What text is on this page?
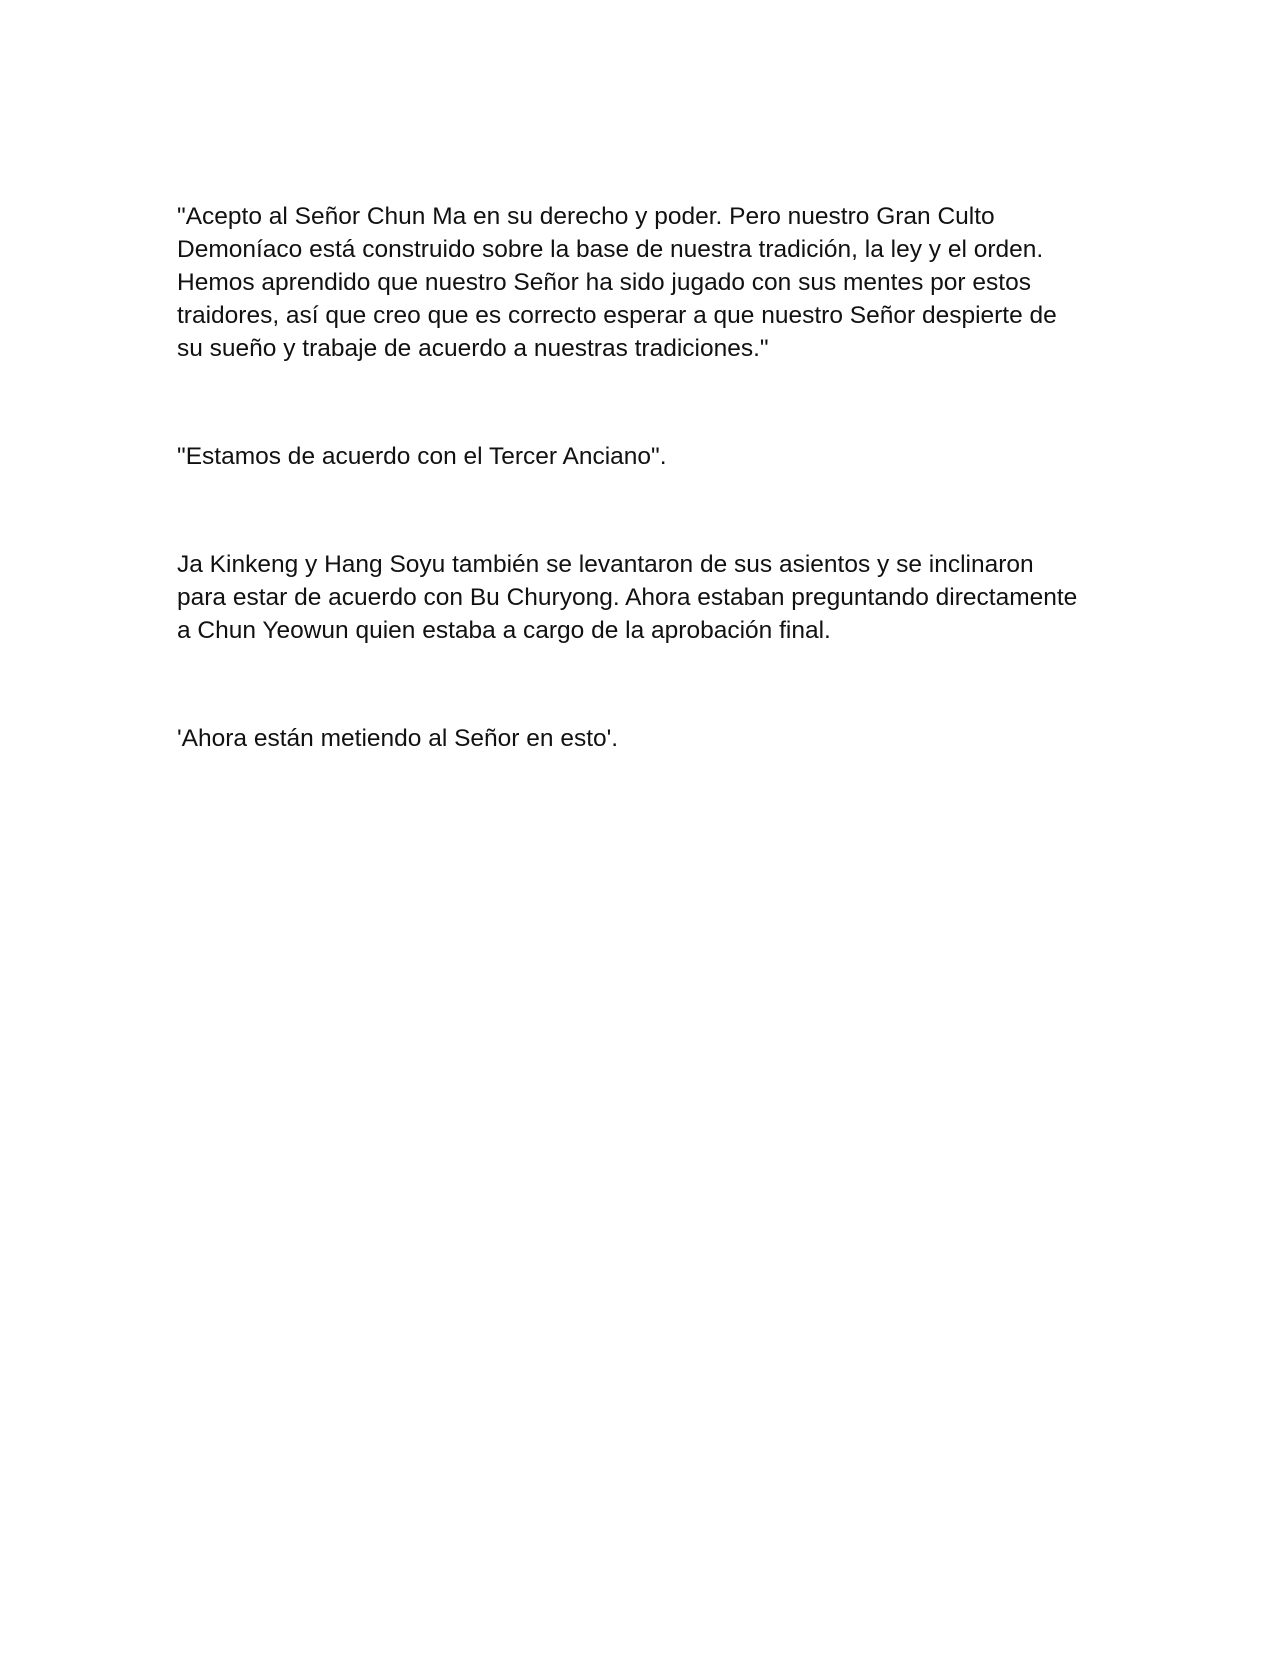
"Acepto al Señor Chun Ma en su derecho y poder. Pero nuestro Gran Culto
Demoníaco está construido sobre la base de nuestra tradición, la ley y el orden.
Hemos aprendido que nuestro Señor ha sido jugado con sus mentes por estos
traidores, así que creo que es correcto esperar a que nuestro Señor despierte de
su sueño y trabaje de acuerdo a nuestras tradiciones."

"Estamos de acuerdo con el Tercer Anciano".

Ja Kinkeng y Hang Soyu también se levantaron de sus asientos y se inclinaron
para estar de acuerdo con Bu Churyong. Ahora estaban preguntando directamente
a Chun Yeowun quien estaba a cargo de la aprobación final.

'Ahora están metiendo al Señor en esto'.
